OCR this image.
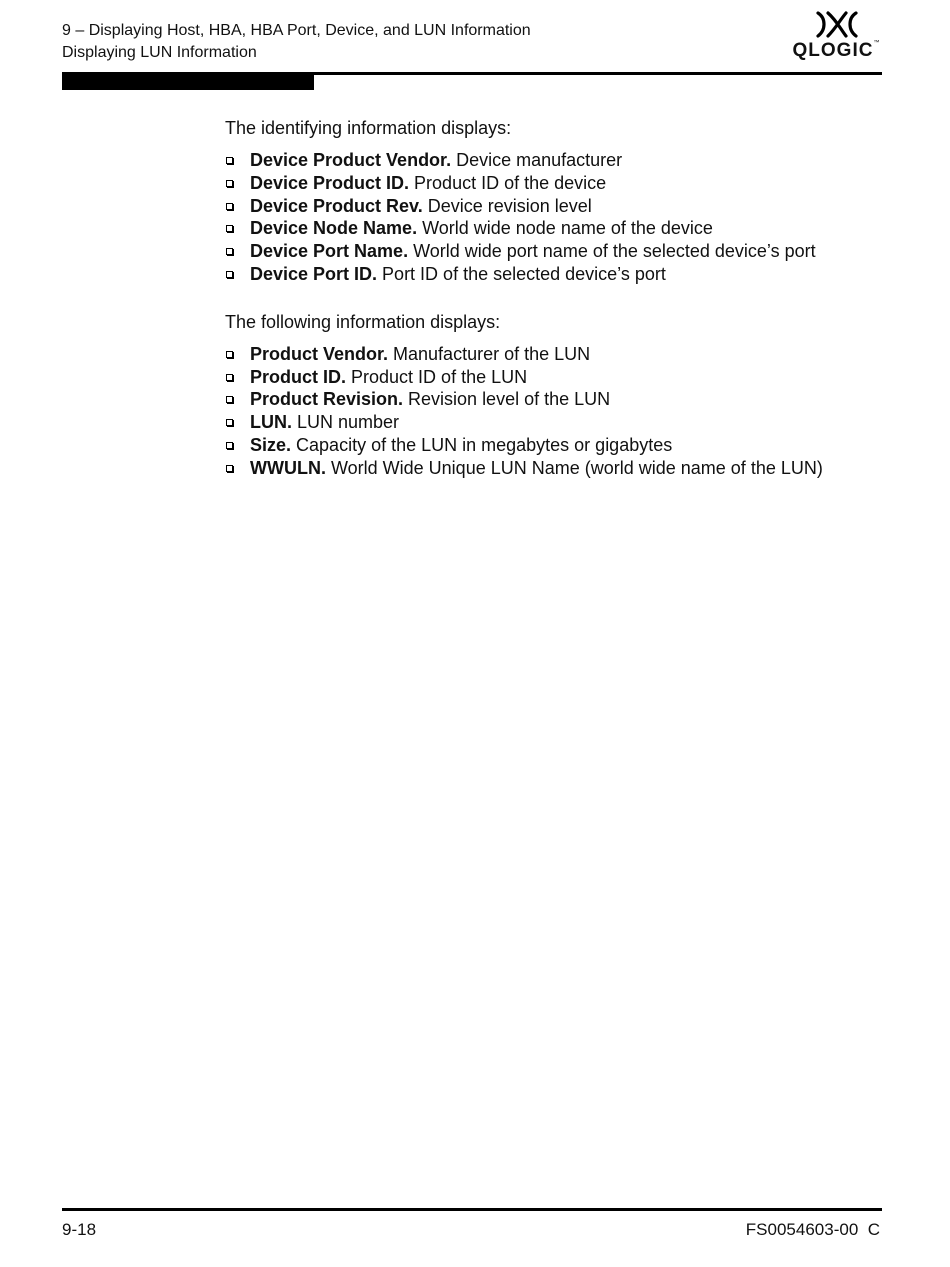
9 – Displaying Host, HBA, HBA Port, Device, and LUN Information
Displaying LUN Information	QLOGIC™

The identifying information displays:

Device Product Vendor. Device manufacturer
Device Product ID. Product ID of the device
Device Product Rev. Device revision level
Device Node Name. World wide node name of the device
Device Port Name. World wide port name of the selected device’s port
Device Port ID. Port ID of the selected device’s port

The following information displays:

Product Vendor. Manufacturer of the LUN
Product ID. Product ID of the LUN
Product Revision. Revision level of the LUN
LUN. LUN number
Size. Capacity of the LUN in megabytes or gigabytes
WWULN. World Wide Unique LUN Name (world wide name of the LUN)
9-18	FS0054603-00  C
